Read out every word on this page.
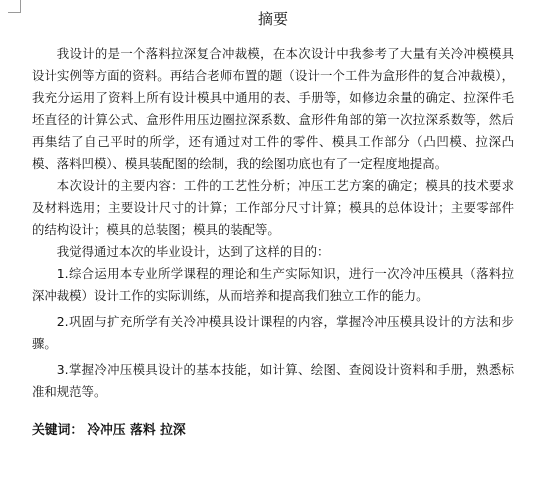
摘要

我设计的是一个落料拉深复合冲裁模，在本次设计中我参考了大量有关冷冲模模具设计实例等方面的资料。再结合老师布置的题（设计一个工件为盒形件的复合冲裁模），我充分运用了资料上所有设计模具中通用的表、手册等，如修边余量的确定、拉深件毛坯直径的计算公式、盒形件用压边圈拉深系数、盒形件角部的第一次拉深系数等，然后再集结了自己平时的所学，还有通过对工件的零件、模具工作部分（凸凹模、拉深凸模、落料凹模）、模具装配图的绘制，我的绘图功底也有了一定程度地提高。

本次设计的主要内容：工件的工艺性分析；冲压工艺方案的确定；模具的技术要求及材料选用；主要设计尺寸的计算；工作部分尺寸计算；模具的总体设计；主要零部件的结构设计；模具的总装图；模具的装配等。

我觉得通过本次的毕业设计，达到了这样的目的：

1.综合运用本专业所学课程的理论和生产实际知识，进行一次冷冲压模具（落料拉深冲裁模）设计工作的实际训练，从而培养和提高我们独立工作的能力。

2.巩固与扩充所学有关冷冲模具设计课程的内容，掌握冷冲压模具设计的方法和步骤。

3.掌握冷冲压模具设计的基本技能，如计算、绘图、查阅设计资料和手册，熟悉标准和规范等。

关键词： 冷冲压 落料 拉深
